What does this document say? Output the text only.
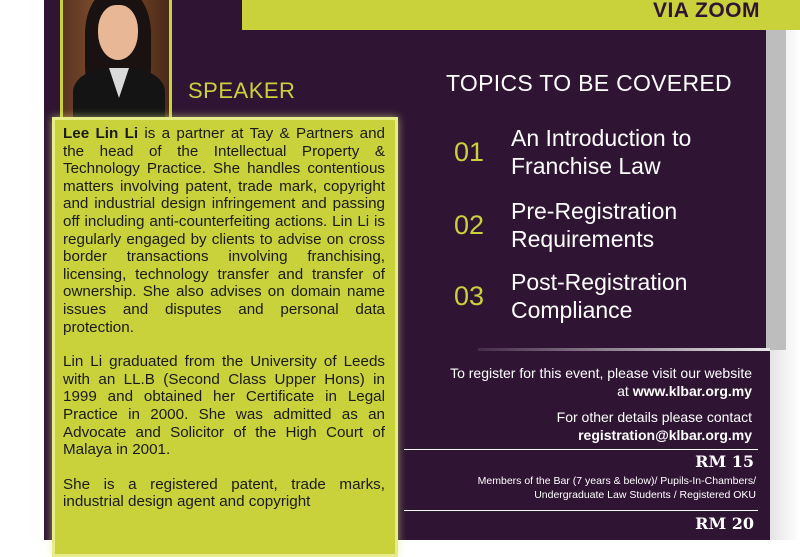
VIA ZOOM
SPEAKER

Lee Lin Li is a partner at Tay & Partners and the head of the Intellectual Property & Technology Practice. She handles contentious matters involving patent, trade mark, copyright and industrial design infringement and passing off including anti-counterfeiting actions. Lin Li is regularly engaged by clients to advise on cross border transactions involving franchising, licensing, technology transfer and transfer of ownership. She also advises on domain name issues and disputes and personal data protection.

Lin Li graduated from the University of Leeds with an LL.B (Second Class Upper Hons) in 1999 and obtained her Certificate in Legal Practice in 2000. She was admitted as an Advocate and Solicitor of the High Court of Malaya in 2001.

She is a registered patent, trade marks, industrial design agent and copyright

TOPICS TO BE COVERED
01	An Introduction to
Franchise Law
02	Pre-Registration
Requirements
03	Post-Registration
Compliance
To register for this event, please visit our website
at www.klbar.org.my
For other details please contact
registration@klbar.org.my
RM 15
Members of the Bar (7 years & below)/ Pupils-In-Chambers/
Undergraduate Law Students / Registered OKU
RM 20
